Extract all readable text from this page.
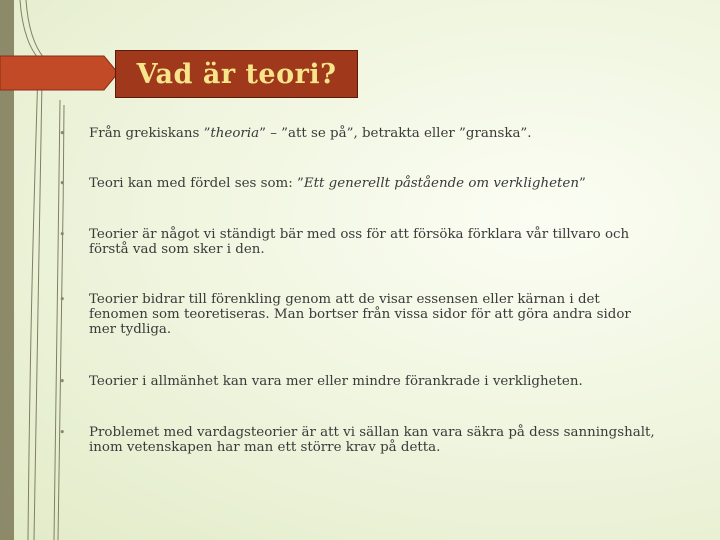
Vad är teori?
• Från grekiskans ”theoria” – ”att se på”, betrakta eller ”granska”.
• Teori kan med fördel ses som: ”Ett generellt påstående om verkligheten”
• Teorier är något vi ständigt bär med oss för att försöka förklara vår tillvaro och förstå vad som sker i den.
• Teorier bidrar till förenkling genom att de visar essensen eller kärnan i det fenomen som teoretiseras. Man bortser från vissa sidor för att göra andra sidor mer tydliga.
• Teorier i allmänhet kan vara mer eller mindre förankrade i verkligheten.
• Problemet med vardagsteorier är att vi sällan kan vara säkra på dess sanningshalt, inom vetenskapen har man ett större krav på detta.
